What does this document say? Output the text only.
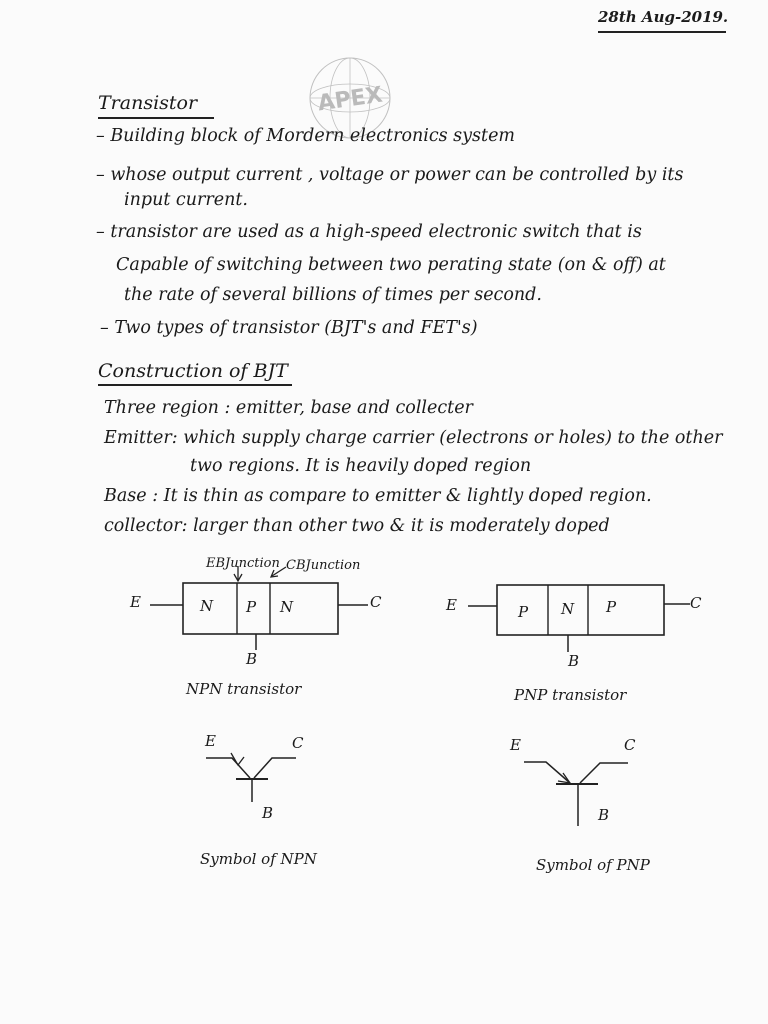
28th Aug-2019.
APEX
Transistor
– Building block of Mordern electronics system
– whose output current , voltage or power can be controlled by its
input current.
– transistor are used as a high-speed electronic switch that is
Capable of switching between two perating state (on & off) at
the rate of several billions of times per second.
– Two types of transistor (BJT's and FET's)
Construction of BJT
Three region : emitter, base and collecter
Emitter: which supply charge carrier (electrons or holes) to the other
two regions. It is heavily doped region
Base : It is thin as compare to emitter & lightly doped region.
collector: larger than other two & it is moderately doped
EBJunction CBJunction
N P N
E	C
B
NPN transistor
P N P
E	C
B
PNP transistor
E	C
B
Symbol of NPN
E	C
B
Symbol of PNP
